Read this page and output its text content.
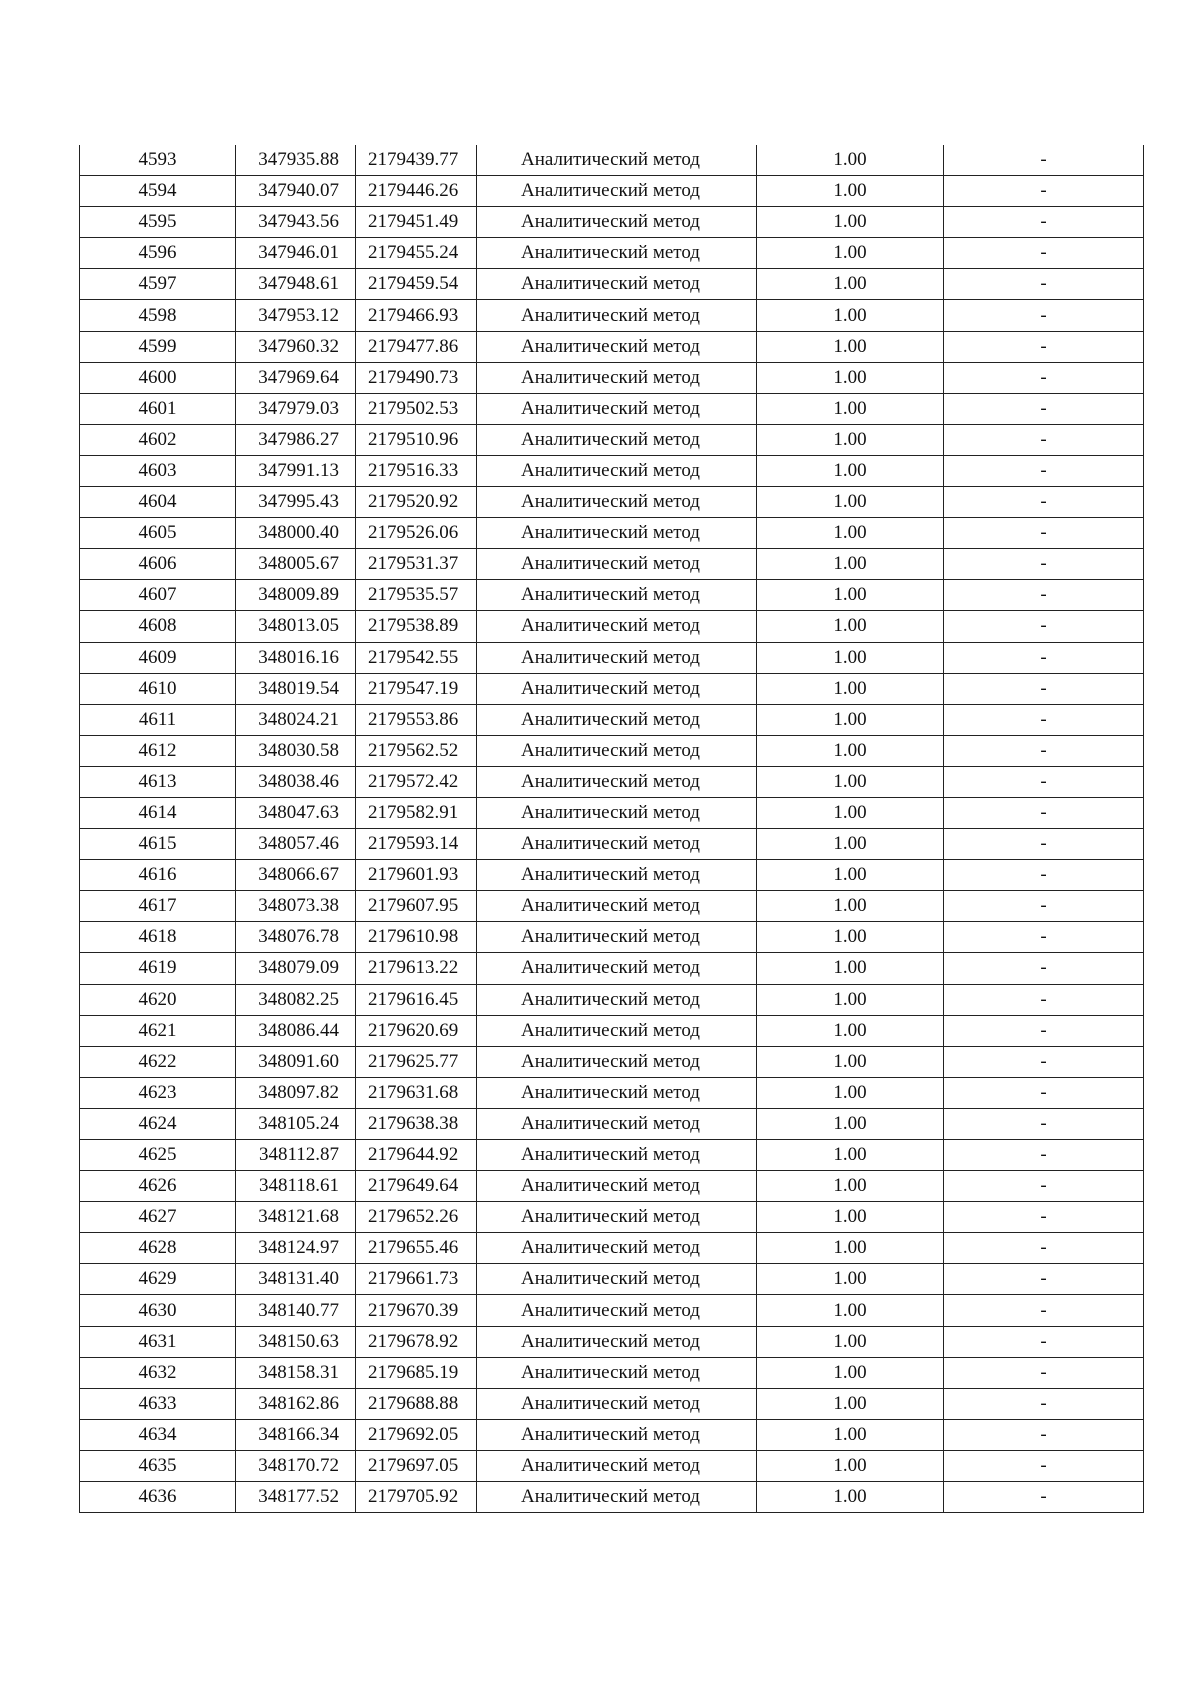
4593	347935.88	2179439.77	Аналитический метод	1.00	-
4594	347940.07	2179446.26	Аналитический метод	1.00	-
4595	347943.56	2179451.49	Аналитический метод	1.00	-
4596	347946.01	2179455.24	Аналитический метод	1.00	-
4597	347948.61	2179459.54	Аналитический метод	1.00	-
4598	347953.12	2179466.93	Аналитический метод	1.00	-
4599	347960.32	2179477.86	Аналитический метод	1.00	-
4600	347969.64	2179490.73	Аналитический метод	1.00	-
4601	347979.03	2179502.53	Аналитический метод	1.00	-
4602	347986.27	2179510.96	Аналитический метод	1.00	-
4603	347991.13	2179516.33	Аналитический метод	1.00	-
4604	347995.43	2179520.92	Аналитический метод	1.00	-
4605	348000.40	2179526.06	Аналитический метод	1.00	-
4606	348005.67	2179531.37	Аналитический метод	1.00	-
4607	348009.89	2179535.57	Аналитический метод	1.00	-
4608	348013.05	2179538.89	Аналитический метод	1.00	-
4609	348016.16	2179542.55	Аналитический метод	1.00	-
4610	348019.54	2179547.19	Аналитический метод	1.00	-
4611	348024.21	2179553.86	Аналитический метод	1.00	-
4612	348030.58	2179562.52	Аналитический метод	1.00	-
4613	348038.46	2179572.42	Аналитический метод	1.00	-
4614	348047.63	2179582.91	Аналитический метод	1.00	-
4615	348057.46	2179593.14	Аналитический метод	1.00	-
4616	348066.67	2179601.93	Аналитический метод	1.00	-
4617	348073.38	2179607.95	Аналитический метод	1.00	-
4618	348076.78	2179610.98	Аналитический метод	1.00	-
4619	348079.09	2179613.22	Аналитический метод	1.00	-
4620	348082.25	2179616.45	Аналитический метод	1.00	-
4621	348086.44	2179620.69	Аналитический метод	1.00	-
4622	348091.60	2179625.77	Аналитический метод	1.00	-
4623	348097.82	2179631.68	Аналитический метод	1.00	-
4624	348105.24	2179638.38	Аналитический метод	1.00	-
4625	348112.87	2179644.92	Аналитический метод	1.00	-
4626	348118.61	2179649.64	Аналитический метод	1.00	-
4627	348121.68	2179652.26	Аналитический метод	1.00	-
4628	348124.97	2179655.46	Аналитический метод	1.00	-
4629	348131.40	2179661.73	Аналитический метод	1.00	-
4630	348140.77	2179670.39	Аналитический метод	1.00	-
4631	348150.63	2179678.92	Аналитический метод	1.00	-
4632	348158.31	2179685.19	Аналитический метод	1.00	-
4633	348162.86	2179688.88	Аналитический метод	1.00	-
4634	348166.34	2179692.05	Аналитический метод	1.00	-
4635	348170.72	2179697.05	Аналитический метод	1.00	-
4636	348177.52	2179705.92	Аналитический метод	1.00	-
